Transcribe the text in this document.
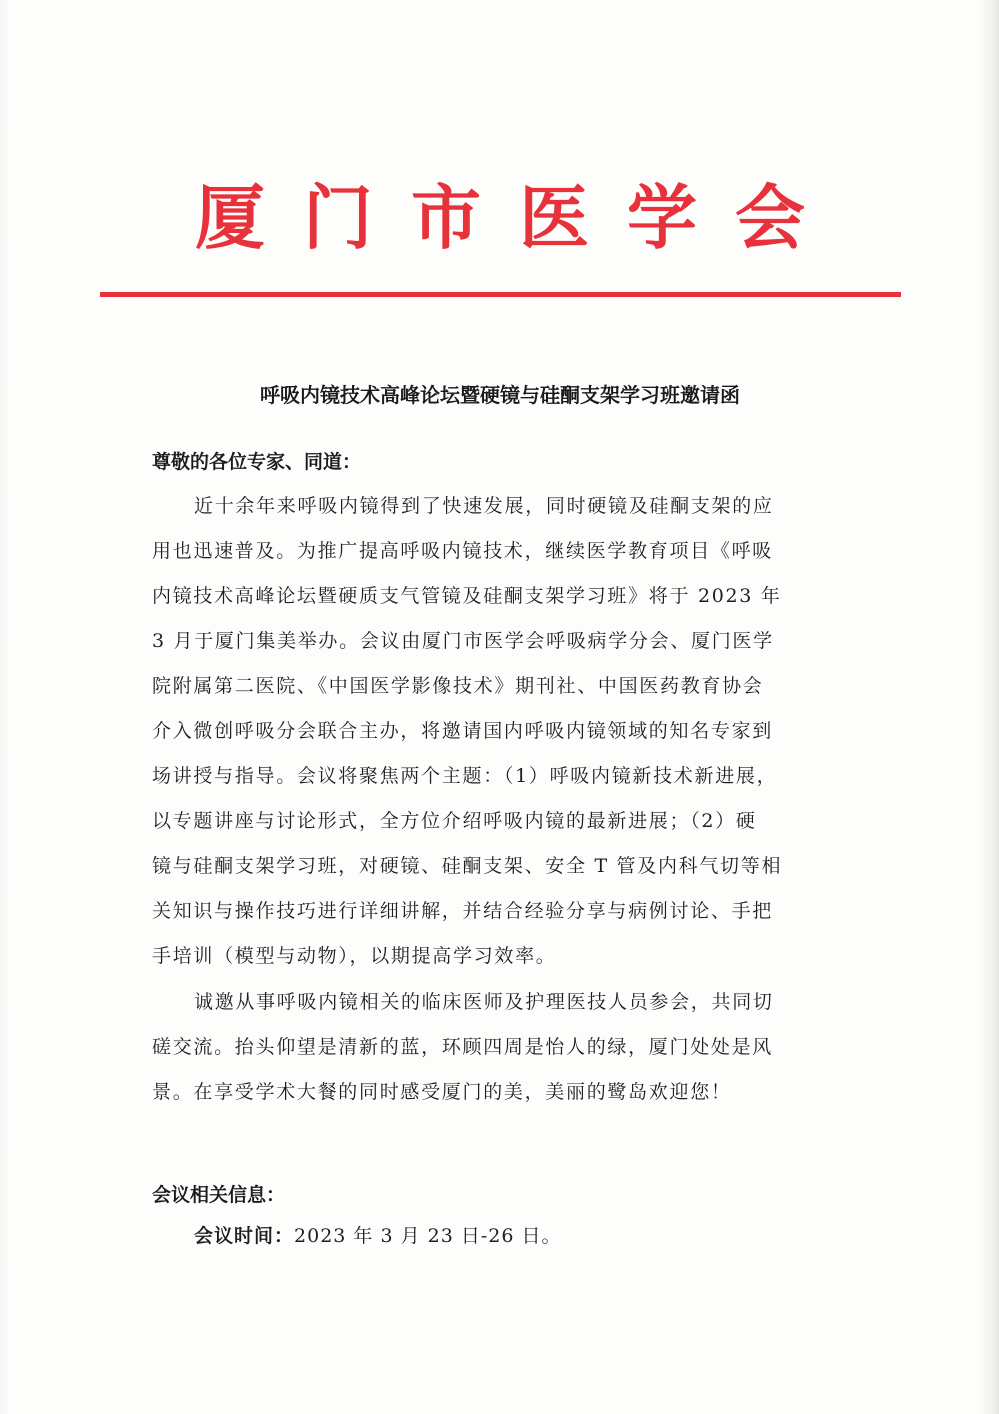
厦门市医学会
呼吸内镜技术高峰论坛暨硬镜与硅酮支架学习班邀请函
尊敬的各位专家、同道：
近十余年来呼吸内镜得到了快速发展，同时硬镜及硅酮支架的应
用也迅速普及。为推广提高呼吸内镜技术，继续医学教育项目《呼吸
内镜技术高峰论坛暨硬质支气管镜及硅酮支架学习班》将于 2023 年
3 月于厦门集美举办。会议由厦门市医学会呼吸病学分会、厦门医学
院附属第二医院、《中国医学影像技术》期刊社、中国医药教育协会
介入微创呼吸分会联合主办，将邀请国内呼吸内镜领域的知名专家到
场讲授与指导。会议将聚焦两个主题：（1）呼吸内镜新技术新进展，
以专题讲座与讨论形式，全方位介绍呼吸内镜的最新进展；（2）硬
镜与硅酮支架学习班，对硬镜、硅酮支架、安全 T 管及内科气切等相
关知识与操作技巧进行详细讲解，并结合经验分享与病例讨论、手把
手培训（模型与动物），以期提高学习效率。
诚邀从事呼吸内镜相关的临床医师及护理医技人员参会，共同切
磋交流。抬头仰望是清新的蓝，环顾四周是怡人的绿，厦门处处是风
景。在享受学术大餐的同时感受厦门的美，美丽的鹭岛欢迎您！
会议相关信息：
会议时间：2023 年 3 月 23 日-26 日。
